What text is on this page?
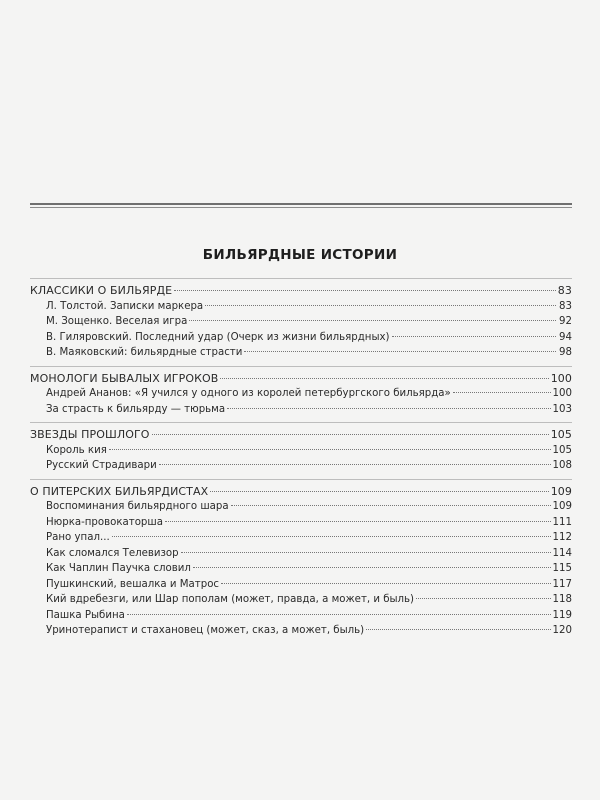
БИЛЬЯРДНЫЕ ИСТОРИИ
КЛАССИКИ О БИЛЬЯРДЕ	83
Л. Толстой. Записки маркера	83
М. Зощенко. Веселая игра	92
В. Гиляровский. Последний удар (Очерк из жизни бильярдных)	94
В. Маяковский: бильярдные страсти	98
МОНОЛОГИ БЫВАЛЫХ ИГРОКОВ	100
Андрей Ананов: «Я учился у одного из королей петербургского бильярда»	100
За страсть к бильярду — тюрьма	103
ЗВЕЗДЫ ПРОШЛОГО	105
Король кия	105
Русский Страдивари	108
О ПИТЕРСКИХ БИЛЬЯРДИСТАХ	109
Воспоминания бильярдного шара	109
Нюрка-провокаторша	111
Рано упал...	112
Как сломался Телевизор	114
Как Чаплин Паучка словил	115
Пушкинский, вешалка и Матрос	117
Кий вдребезги, или Шар пополам (может, правда, а может, и быль)	118
Пашка Рыбина	119
Уринотерапист и стахановец (может, сказ, а может, быль)	120
